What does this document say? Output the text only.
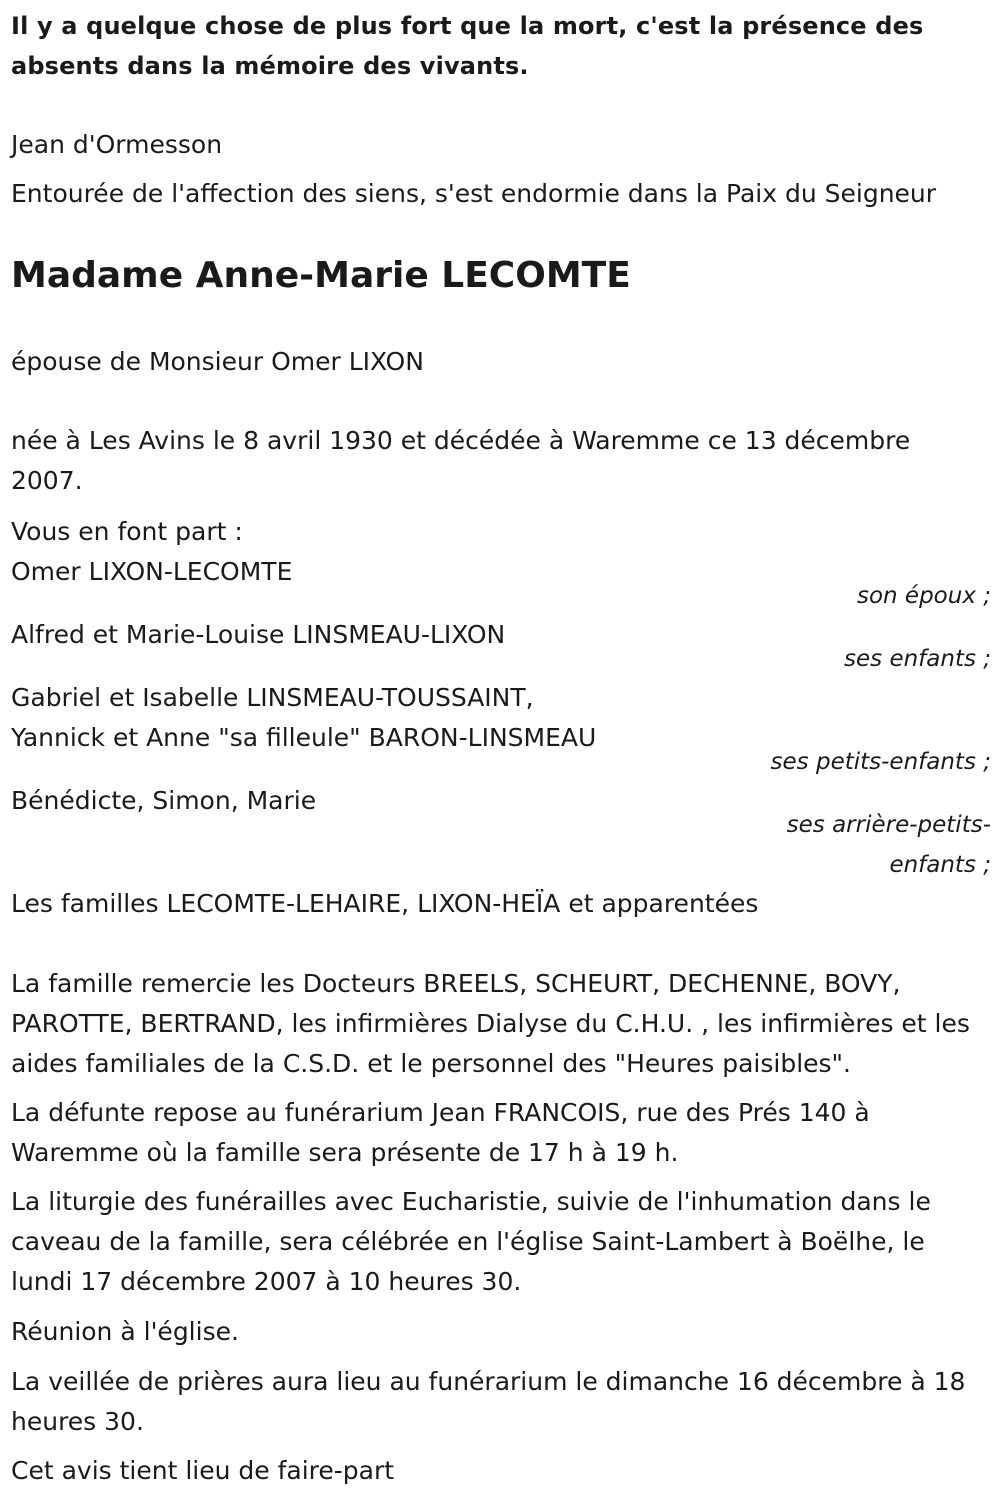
Il y a quelque chose de plus fort que la mort, c'est la présence des absents dans la mémoire des vivants.
Jean d'Ormesson
Entourée de l'affection des siens, s'est endormie dans la Paix du Seigneur
Madame Anne-Marie LECOMTE
épouse de Monsieur Omer LIXON
née à Les Avins le 8 avril 1930 et décédée à Waremme ce 13 décembre 2007.
Vous en font part :
Omer LIXON-LECOMTE
son époux ;
Alfred et Marie-Louise LINSMEAU-LIXON
ses enfants ;
Gabriel et Isabelle LINSMEAU-TOUSSAINT,
Yannick et Anne "sa filleule" BARON-LINSMEAU
ses petits-enfants ;
Bénédicte, Simon, Marie
ses arrière-petits-enfants ;
Les familles LECOMTE-LEHAIRE, LIXON-HEÏA et apparentées
La famille remercie les Docteurs BREELS, SCHEURT, DECHENNE, BOVY, PAROTTE, BERTRAND, les infirmières Dialyse du C.H.U. , les infirmières et les aides familiales de la C.S.D. et le personnel des "Heures paisibles".
La défunte repose au funérarium Jean FRANCOIS, rue des Prés 140 à Waremme où la famille sera présente de 17 h à 19 h.
La liturgie des funérailles avec Eucharistie, suivie de l'inhumation dans le caveau de la famille, sera célébrée en l'église Saint-Lambert à Boëlhe, le lundi 17 décembre 2007 à 10 heures 30.
Réunion à l'église.
La veillée de prières aura lieu au funérarium le dimanche 16 décembre à 18 heures 30.
Cet avis tient lieu de faire-part
